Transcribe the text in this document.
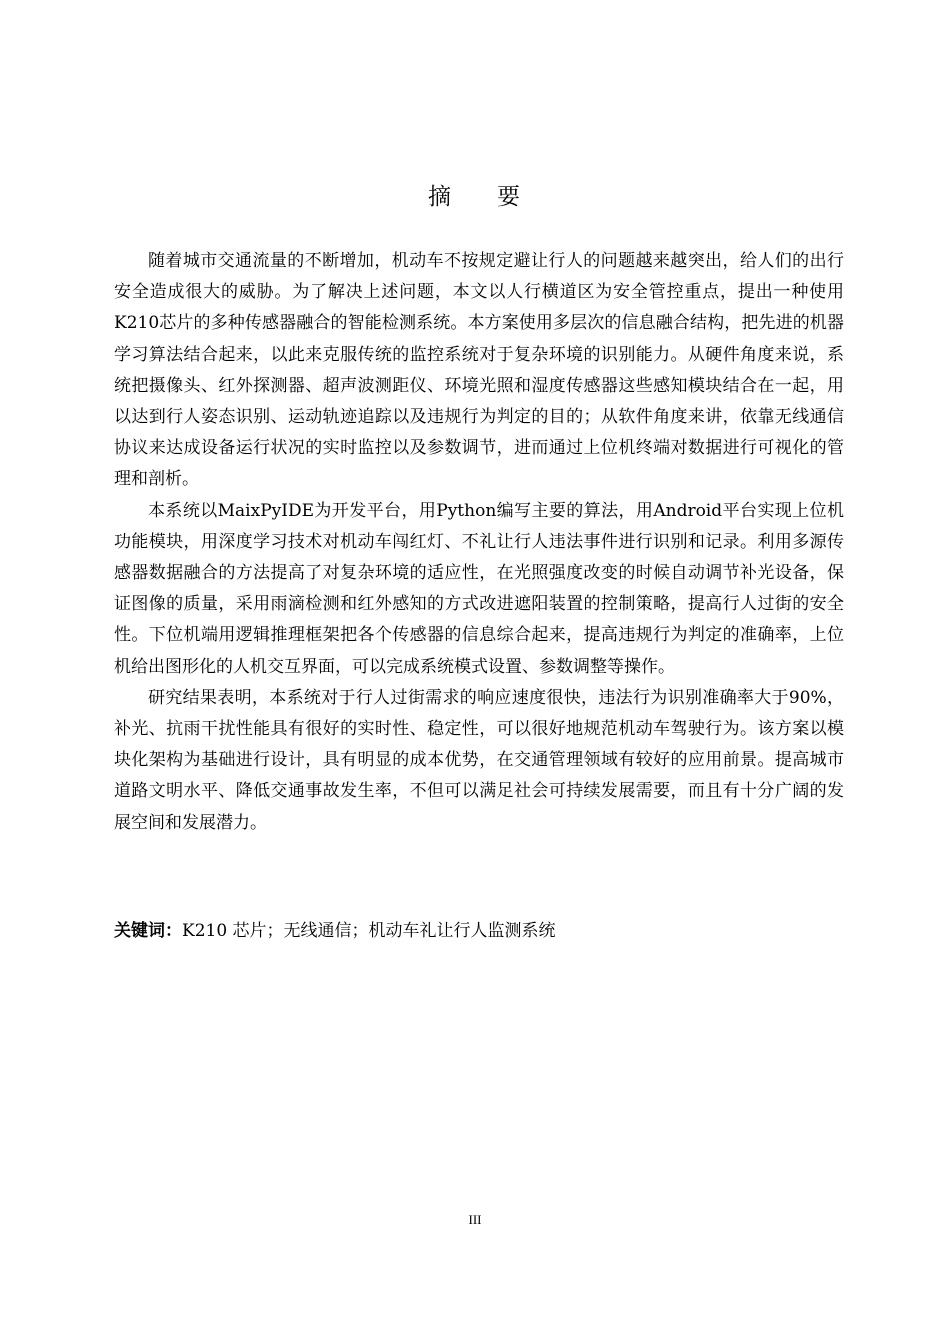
摘 要

随着城市交通流量的不断增加，机动车不按规定避让行人的问题越来越突出，给人们的出行安全造成很大的威胁。为了解决上述问题，本文以人行横道区为安全管控重点，提出一种使用K210芯片的多种传感器融合的智能检测系统。本方案使用多层次的信息融合结构，把先进的机器学习算法结合起来，以此来克服传统的监控系统对于复杂环境的识别能力。从硬件角度来说，系统把摄像头、红外探测器、超声波测距仪、环境光照和湿度传感器这些感知模块结合在一起，用以达到行人姿态识别、运动轨迹追踪以及违规行为判定的目的；从软件角度来讲，依靠无线通信协议来达成设备运行状况的实时监控以及参数调节，进而通过上位机终端对数据进行可视化的管理和剖析。

本系统以MaixPyIDE为开发平台，用Python编写主要的算法，用Android平台实现上位机功能模块，用深度学习技术对机动车闯红灯、不礼让行人违法事件进行识别和记录。利用多源传感器数据融合的方法提高了对复杂环境的适应性，在光照强度改变的时候自动调节补光设备，保证图像的质量，采用雨滴检测和红外感知的方式改进遮阳装置的控制策略，提高行人过街的安全性。下位机端用逻辑推理框架把各个传感器的信息综合起来，提高违规行为判定的准确率，上位机给出图形化的人机交互界面，可以完成系统模式设置、参数调整等操作。

研究结果表明，本系统对于行人过街需求的响应速度很快，违法行为识别准确率大于90%，补光、抗雨干扰性能具有很好的实时性、稳定性，可以很好地规范机动车驾驶行为。该方案以模块化架构为基础进行设计，具有明显的成本优势，在交通管理领域有较好的应用前景。提高城市道路文明水平、降低交通事故发生率，不但可以满足社会可持续发展需要，而且有十分广阔的发展空间和发展潜力。

关键词：K210 芯片；无线通信；机动车礼让行人监测系统
III
